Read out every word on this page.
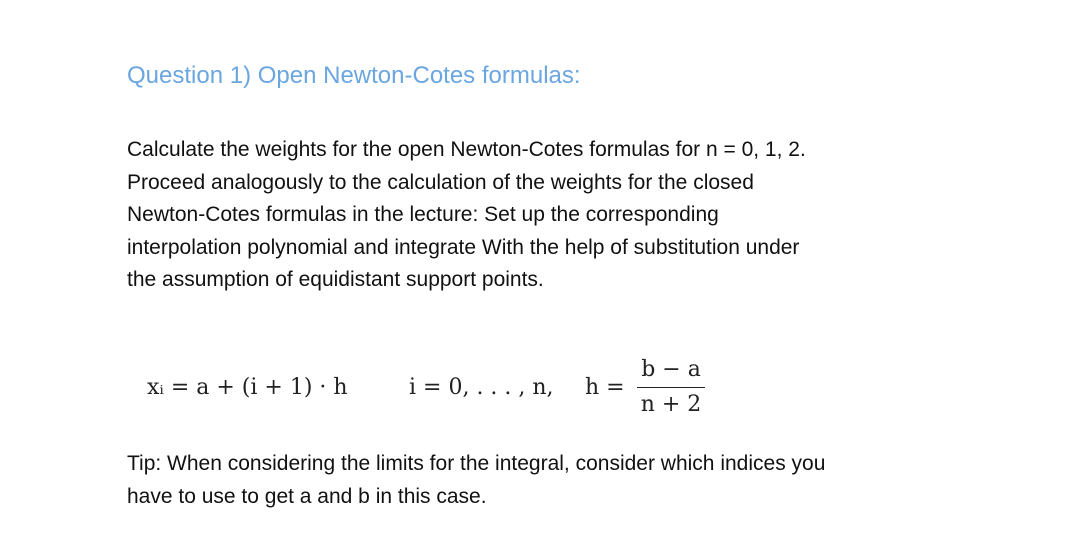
Question 1) Open Newton-Cotes formulas:

Calculate the weights for the open Newton-Cotes formulas for n = 0, 1, 2.
Proceed analogously to the calculation of the weights for the closed
Newton-Cotes formulas in the lecture: Set up the corresponding
interpolation polynomial and integrate With the help of substitution under
the assumption of equidistant support points.

xᵢ = a + (i + 1) · h	i = 0, . . . , n, h =
b − a
n + 2

Tip: When considering the limits for the integral, consider which indices you
have to use to get a and b in this case.
